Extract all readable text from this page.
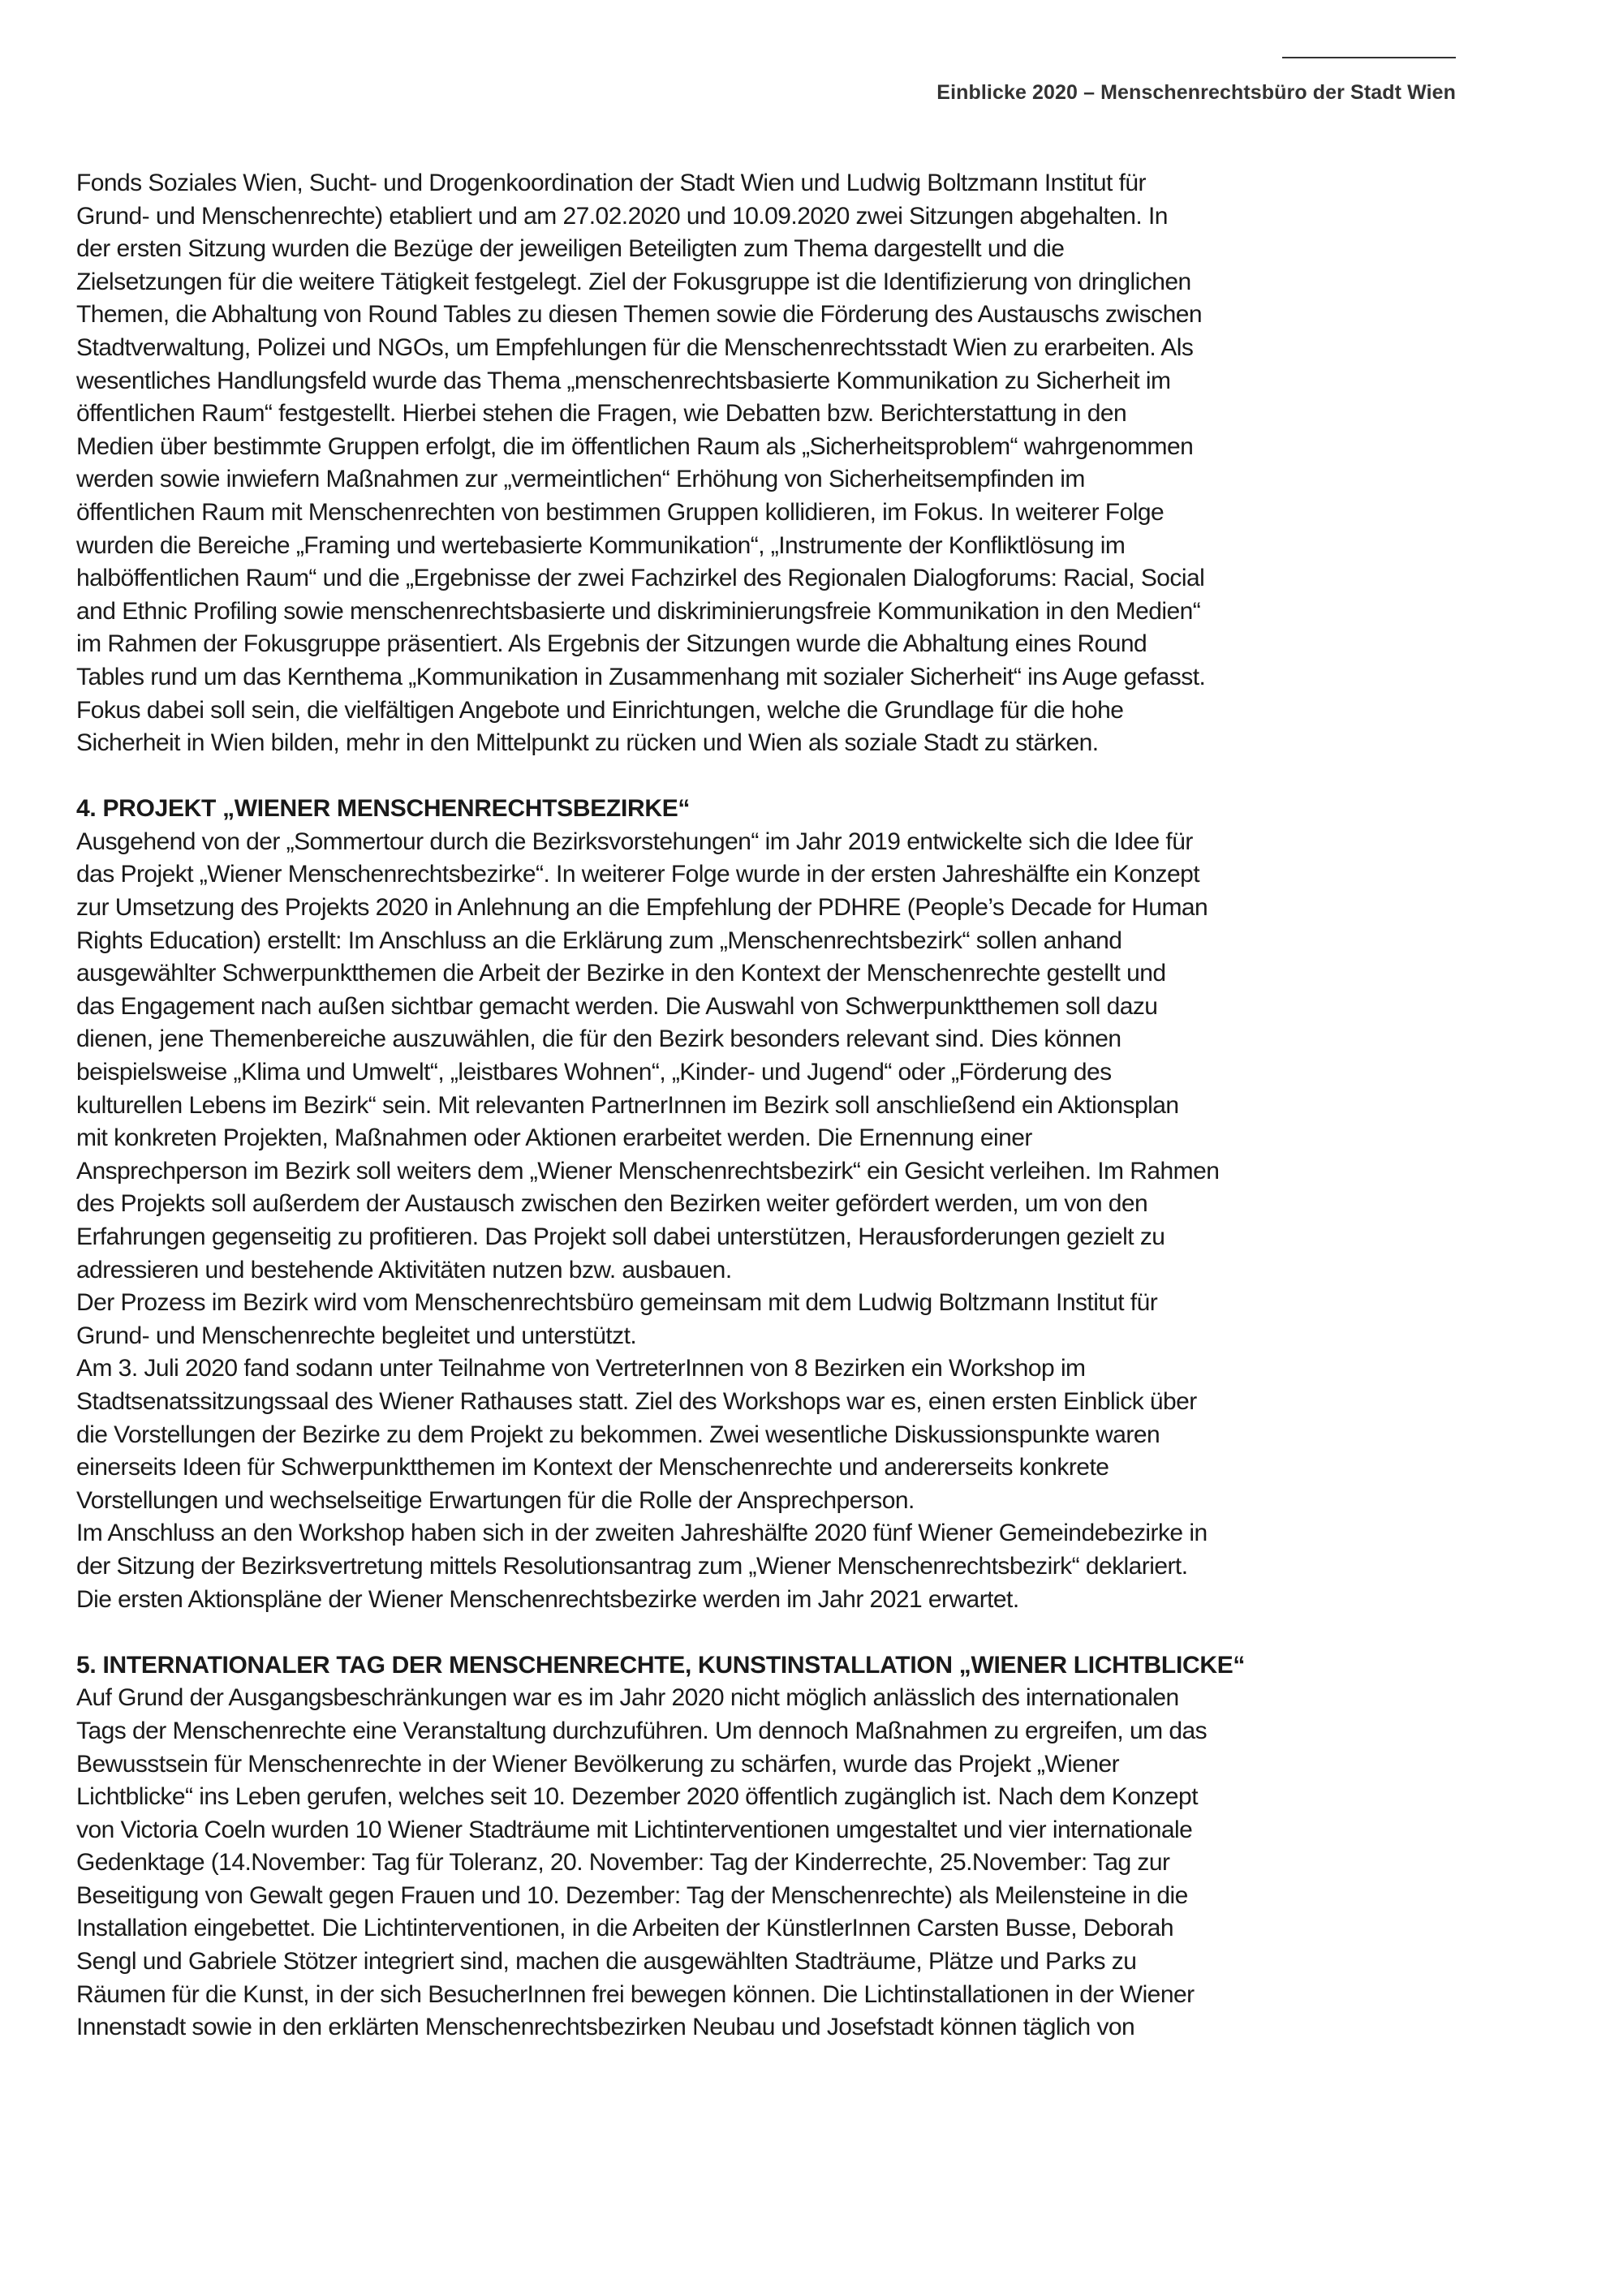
Einblicke 2020 – Menschenrechtsbüro der Stadt Wien
Fonds Soziales Wien, Sucht- und Drogenkoordination der Stadt Wien und Ludwig Boltzmann Institut für
Grund- und Menschenrechte) etabliert und am 27.02.2020 und 10.09.2020 zwei Sitzungen abgehalten. In
der ersten Sitzung wurden die Bezüge der jeweiligen Beteiligten zum Thema dargestellt und die
Zielsetzungen für die weitere Tätigkeit festgelegt. Ziel der Fokusgruppe ist die Identifizierung von dringlichen
Themen, die Abhaltung von Round Tables zu diesen Themen sowie die Förderung des Austauschs zwischen
Stadtverwaltung, Polizei und NGOs, um Empfehlungen für die Menschenrechtsstadt Wien zu erarbeiten. Als
wesentliches Handlungsfeld wurde das Thema „menschenrechtsbasierte Kommunikation zu Sicherheit im
öffentlichen Raum“ festgestellt. Hierbei stehen die Fragen, wie Debatten bzw. Berichterstattung in den
Medien über bestimmte Gruppen erfolgt, die im öffentlichen Raum als „Sicherheitsproblem“ wahrgenommen
werden sowie inwiefern Maßnahmen zur „vermeintlichen“ Erhöhung von Sicherheitsempfinden im
öffentlichen Raum mit Menschenrechten von bestimmen Gruppen kollidieren, im Fokus. In weiterer Folge
wurden die Bereiche „Framing und wertebasierte Kommunikation“, „Instrumente der Konfliktlösung im
halböffentlichen Raum“ und die „Ergebnisse der zwei Fachzirkel des Regionalen Dialogforums: Racial, Social
and Ethnic Profiling sowie menschenrechtsbasierte und diskriminierungsfreie Kommunikation in den Medien“
im Rahmen der Fokusgruppe präsentiert. Als Ergebnis der Sitzungen wurde die Abhaltung eines Round
Tables rund um das Kernthema „Kommunikation in Zusammenhang mit sozialer Sicherheit“ ins Auge gefasst.
Fokus dabei soll sein, die vielfältigen Angebote und Einrichtungen, welche die Grundlage für die hohe
Sicherheit in Wien bilden, mehr in den Mittelpunkt zu rücken und Wien als soziale Stadt zu stärken.
4. PROJEKT „WIENER MENSCHENRECHTSBEZIRKE“
Ausgehend von der „Sommertour durch die Bezirksvorstehungen“ im Jahr 2019 entwickelte sich die Idee für
das Projekt „Wiener Menschenrechtsbezirke“. In weiterer Folge wurde in der ersten Jahreshälfte ein Konzept
zur Umsetzung des Projekts 2020 in Anlehnung an die Empfehlung der PDHRE (People’s Decade for Human
Rights Education) erstellt: Im Anschluss an die Erklärung zum „Menschenrechtsbezirk“ sollen anhand
ausgewählter Schwerpunktthemen die Arbeit der Bezirke in den Kontext der Menschenrechte gestellt und
das Engagement nach außen sichtbar gemacht werden. Die Auswahl von Schwerpunktthemen soll dazu
dienen, jene Themenbereiche auszuwählen, die für den Bezirk besonders relevant sind. Dies können
beispielsweise „Klima und Umwelt“, „leistbares Wohnen“, „Kinder- und Jugend“ oder „Förderung des
kulturellen Lebens im Bezirk“ sein. Mit relevanten PartnerInnen im Bezirk soll anschließend ein Aktionsplan
mit konkreten Projekten, Maßnahmen oder Aktionen erarbeitet werden. Die Ernennung einer
Ansprechperson im Bezirk soll weiters dem „Wiener Menschenrechtsbezirk“ ein Gesicht verleihen. Im Rahmen
des Projekts soll außerdem der Austausch zwischen den Bezirken weiter gefördert werden, um von den
Erfahrungen gegenseitig zu profitieren. Das Projekt soll dabei unterstützen, Herausforderungen gezielt zu
adressieren und bestehende Aktivitäten nutzen bzw. ausbauen.
Der Prozess im Bezirk wird vom Menschenrechtsbüro gemeinsam mit dem Ludwig Boltzmann Institut für
Grund- und Menschenrechte begleitet und unterstützt.
Am 3. Juli 2020 fand sodann unter Teilnahme von VertreterInnen von 8 Bezirken ein Workshop im
Stadtsenatssitzungssaal des Wiener Rathauses statt. Ziel des Workshops war es, einen ersten Einblick über
die Vorstellungen der Bezirke zu dem Projekt zu bekommen. Zwei wesentliche Diskussionspunkte waren
einerseits Ideen für Schwerpunktthemen im Kontext der Menschenrechte und andererseits konkrete
Vorstellungen und wechselseitige Erwartungen für die Rolle der Ansprechperson.
Im Anschluss an den Workshop haben sich in der zweiten Jahreshälfte 2020 fünf Wiener Gemeindebezirke in
der Sitzung der Bezirksvertretung mittels Resolutionsantrag zum „Wiener Menschenrechtsbezirk“ deklariert.
Die ersten Aktionspläne der Wiener Menschenrechtsbezirke werden im Jahr 2021 erwartet.
5. INTERNATIONALER TAG DER MENSCHENRECHTE, KUNSTINSTALLATION „WIENER LICHTBLICKE“
Auf Grund der Ausgangsbeschränkungen war es im Jahr 2020 nicht möglich anlässlich des internationalen
Tags der Menschenrechte eine Veranstaltung durchzuführen. Um dennoch Maßnahmen zu ergreifen, um das
Bewusstsein für Menschenrechte in der Wiener Bevölkerung zu schärfen, wurde das Projekt „Wiener
Lichtblicke“ ins Leben gerufen, welches seit 10. Dezember 2020 öffentlich zugänglich ist. Nach dem Konzept
von Victoria Coeln wurden 10 Wiener Stadträume mit Lichtinterventionen umgestaltet und vier internationale
Gedenktage (14.November: Tag für Toleranz, 20. November: Tag der Kinderrechte, 25.November: Tag zur
Beseitigung von Gewalt gegen Frauen und 10. Dezember: Tag der Menschenrechte) als Meilensteine in die
Installation eingebettet. Die Lichtinterventionen, in die Arbeiten der KünstlerInnen Carsten Busse, Deborah
Sengl und Gabriele Stötzer integriert sind, machen die ausgewählten Stadträume, Plätze und Parks zu
Räumen für die Kunst, in der sich BesucherInnen frei bewegen können. Die Lichtinstallationen in der Wiener
Innenstadt sowie in den erklärten Menschenrechtsbezirken Neubau und Josefstadt können täglich von
